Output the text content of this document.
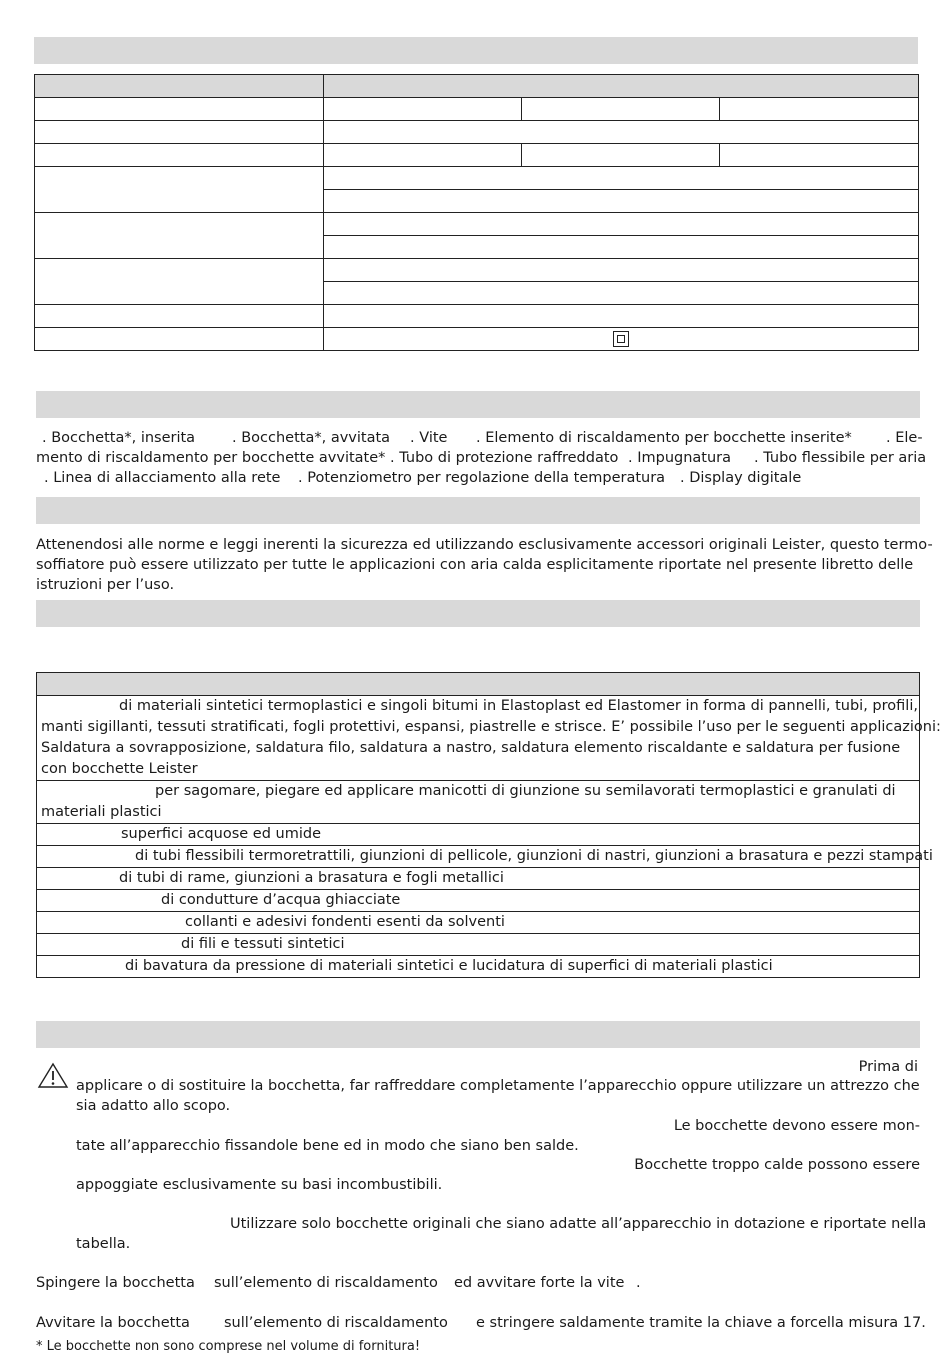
. Bocchetta*, inserita	. Bocchetta*, avvitata . Vite . Elemento di riscaldamento per bocchette inserite* . Ele-
mento di riscaldamento per bocchette avvitate* . Tubo di protezione raffreddato . Impugnatura . Tubo flessibile per aria
. Linea di allacciamento alla rete . Potenziometro per regolazione della temperatura . Display digitale
Attenendosi alle norme e leggi inerenti la sicurezza ed utilizzando esclusivamente accessori originali Leister, questo termo-
soffiatore può essere utilizzato per tutte le applicazioni con aria calda esplicitamente riportate nel presente libretto delle
istruzioni per l’uso.

di materiali sintetici termoplastici e singoli bitumi in Elastoplast ed Elastomer in forma di pannelli, tubi, profili,
manti sigillanti, tessuti stratificati, fogli protettivi, espansi, piastrelle e strisce. E’ possibile l’uso per le seguenti applicazioni:
Saldatura a sovrapposizione, saldatura filo, saldatura a nastro, saldatura elemento riscaldante e saldatura per fusione
con bocchette Leister

per sagomare, piegare ed applicare manicotti di giunzione su semilavorati termoplastici e granulati di
materiali plastici

superfici acquose ed umide

di tubi flessibili termoretrattili, giunzioni di pellicole, giunzioni di nastri, giunzioni a brasatura e pezzi stampati

di tubi di rame, giunzioni a brasatura e fogli metallici

di condutture d’acqua ghiacciate

collanti e adesivi fondenti esenti da solventi

di fili e tessuti sintetici

di bavatura da pressione di materiali sintetici e lucidatura di superfici di materiali plastici
Prima di
applicare o di sostituire la bocchetta, far raffreddare completamente l’apparecchio oppure utilizzare un attrezzo che
sia adatto allo scopo.
Le bocchette devono essere mon-
tate all’apparecchio fissandole bene ed in modo che siano ben salde.
Bocchette troppo calde possono essere
appoggiate esclusivamente su basi incombustibili.
Utilizzare solo bocchette originali che siano adatte all’apparecchio in dotazione e riportate nella
tabella.
Spingere la bocchetta sull’elemento di riscaldamento ed avvitare forte la vite .
Avvitare la bocchetta sull’elemento di riscaldamento e stringere saldamente tramite la chiave a forcella misura 17.
* Le bocchette non sono comprese nel volume di fornitura!
